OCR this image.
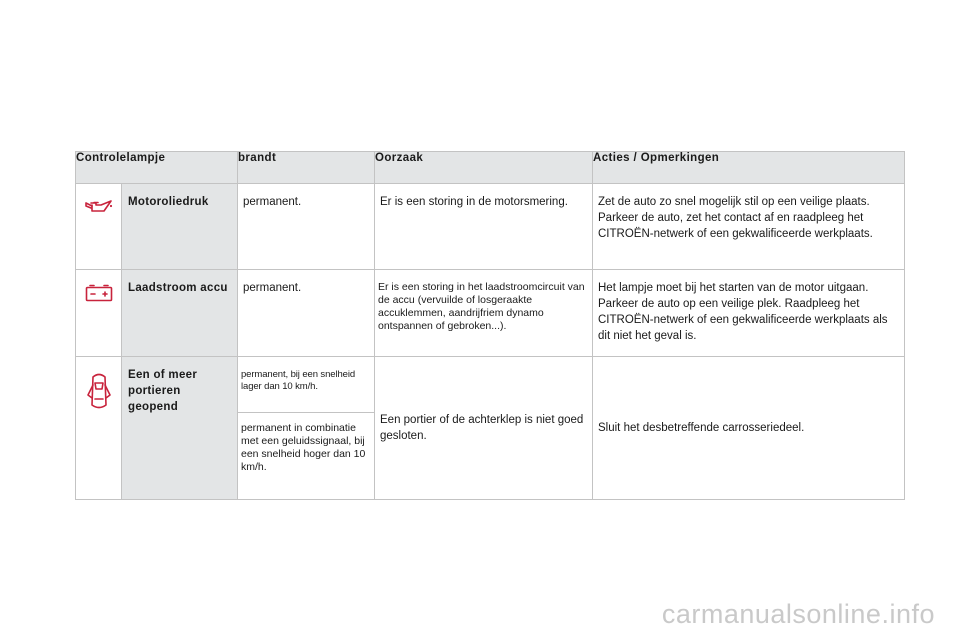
Controlelampje		brandt	Oorzaak	Acties / Opmerkingen
	Motoroliedruk	permanent.	Er is een storing in de motorsmering.	Zet de auto zo snel mogelijk stil op een veilige plaats. Parkeer de auto, zet het contact af en raadpleeg het CITROËN-netwerk of een gekwalificeerde werkplaats.
	Laadstroom accu	permanent.	Er is een storing in het laadstroomcircuit van de accu (vervuilde of losgeraakte accuklemmen, aandrijfriem dynamo ontspannen of gebroken...).	Het lampje moet bij het starten van de motor uitgaan. Parkeer de auto op een veilige plek. Raadpleeg het CITROËN-netwerk of een gekwalificeerde werkplaats als dit niet het geval is.
	Een of meer portieren geopend	permanent, bij een snelheid lager dan 10 km/h.	Een portier of de achterklep is niet goed gesloten.	Sluit het desbetreffende carrosseriedeel.
		permanent in combinatie met een geluidssignaal, bij een snelheid hoger dan 10 km/h.		
carmanualsonline.info
